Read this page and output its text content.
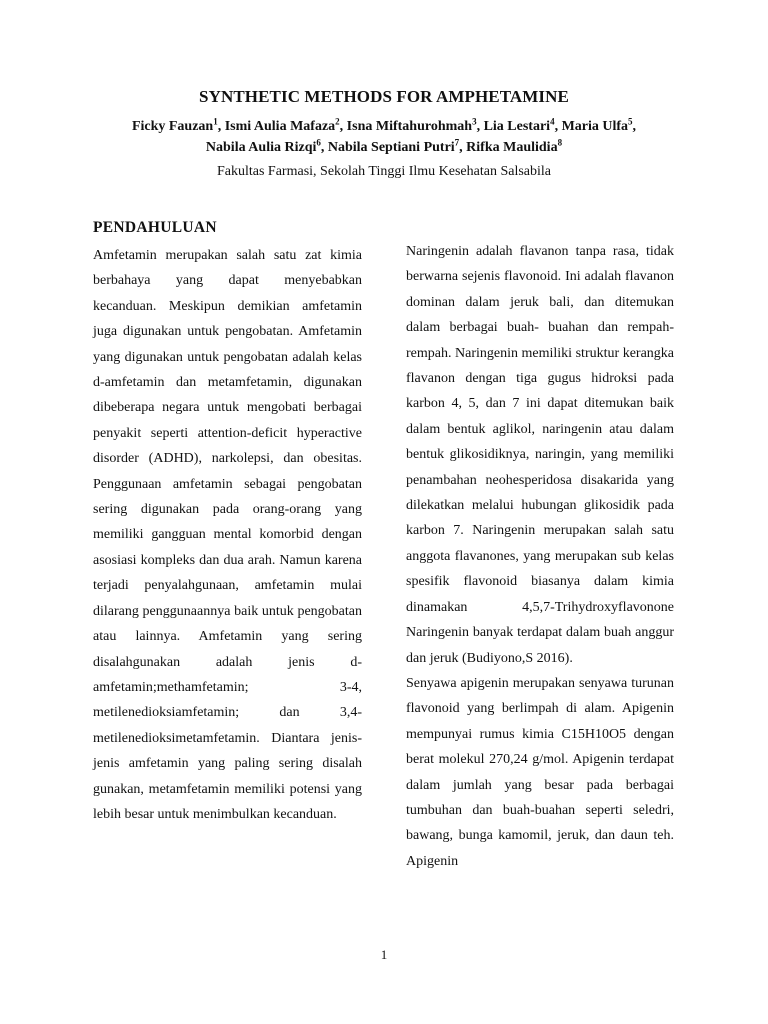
SYNTHETIC METHODS FOR AMPHETAMINE
Ficky Fauzan$^1$, Ismi Aulia Mafaza$^2$, Isna Miftahurohmah$^3$, Lia Lestari$^4$, Maria Ulfa$^5$,
Nabila Aulia Rizqi$^6$, Nabila Septiani Putri$^7$, Rifka Maulidia$^8$
Fakultas Farmasi, Sekolah Tinggi Ilmu Kesehatan Salsabila
PENDAHULUAN

Amfetamin merupakan salah satu zat kimia berbahaya yang dapat menyebabkan kecanduan. Meskipun demikian amfetamin juga digunakan untuk pengobatan. Amfetamin yang digunakan untuk pengobatan adalah kelas d-amfetamin dan metamfetamin, digunakan dibeberapa negara untuk mengobati berbagai penyakit seperti attention-deficit hyperactive disorder (ADHD), narkolepsi, dan obesitas. Penggunaan amfetamin sebagai pengobatan sering digunakan pada orang-orang yang memiliki gangguan mental komorbid dengan asosiasi kompleks dan dua arah. Namun karena terjadi penyalahgunaan, amfetamin mulai dilarang penggunaannya baik untuk pengobatan atau lainnya. Amfetamin yang sering disalahgunakan adalah jenis d-amfetamin;methamfetamin; 3-4, metilenedioksiamfetamin; dan 3,4-metilenedioksimetamfetamin. Diantara jenis-jenis amfetamin yang paling sering disalah gunakan, metamfetamin memiliki potensi yang lebih besar untuk menimbulkan kecanduan.

Naringenin adalah flavanon tanpa rasa, tidak berwarna sejenis flavonoid. Ini adalah flavanon dominan dalam jeruk bali, dan ditemukan dalam berbagai buah- buahan dan rempah-rempah. Naringenin memiliki struktur kerangka flavanon dengan tiga gugus hidroksi pada karbon 4, 5, dan 7 ini dapat ditemukan baik dalam bentuk aglikol, naringenin atau dalam bentuk glikosidiknya, naringin, yang memiliki penambahan neohesperidosa disakarida yang dilekatkan melalui hubungan glikosidik pada karbon 7. Naringenin merupakan salah satu anggota flavanones, yang merupakan sub kelas spesifik flavonoid biasanya dalam kimia dinamakan 4,5,7-Trihydroxyflavonone Naringenin banyak terdapat dalam buah anggur dan jeruk (Budiyono,S 2016).

Senyawa apigenin merupakan senyawa turunan flavonoid yang berlimpah di alam. Apigenin mempunyai rumus kimia C15H10O5 dengan berat molekul 270,24 g/mol. Apigenin terdapat dalam jumlah yang besar pada berbagai tumbuhan dan buah-buahan seperti seledri, bawang, bunga kamomil, jeruk, dan daun teh. Apigenin

1
